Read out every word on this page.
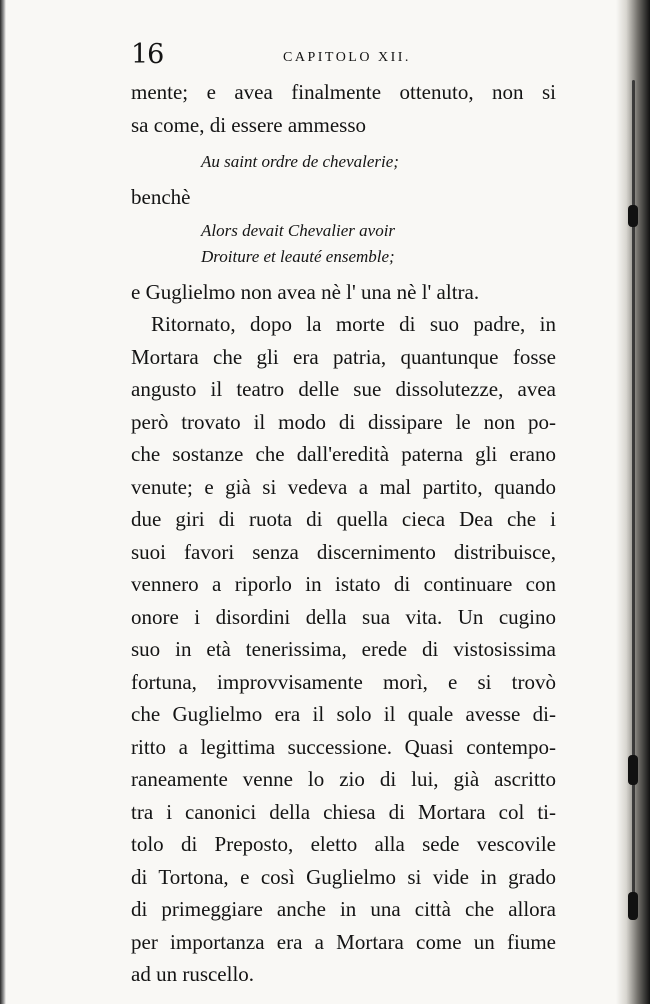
16	CAPITOLO XII.
mente; e avea finalmente ottenuto, non si
sa come, di essere ammesso
Au saint ordre de chevalerie;
benchè
Alors devait Chevalier avoir
Droiture et leauté ensemble;
e Guglielmo non avea nè l' una nè l' altra.
Ritornato, dopo la morte di suo padre, in
Mortara che gli era patria, quantunque fosse
angusto il teatro delle sue dissolutezze, avea
però trovato il modo di dissipare le non po-
che sostanze che dall'eredità paterna gli erano
venute; e già si vedeva a mal partito, quando
due giri di ruota di quella cieca Dea che i
suoi favori senza discernimento distribuisce,
vennero a riporlo in istato di continuare con
onore i disordini della sua vita. Un cugino
suo in età tenerissima, erede di vistosissima
fortuna, improvvisamente morì, e si trovò
che Guglielmo era il solo il quale avesse di-
ritto a legittima successione. Quasi contempo-
raneamente venne lo zio di lui, già ascritto
tra i canonici della chiesa di Mortara col ti-
tolo di Preposto, eletto alla sede vescovile
di Tortona, e così Guglielmo si vide in grado
di primeggiare anche in una città che allora
per importanza era a Mortara come un fiume
ad un ruscello.
